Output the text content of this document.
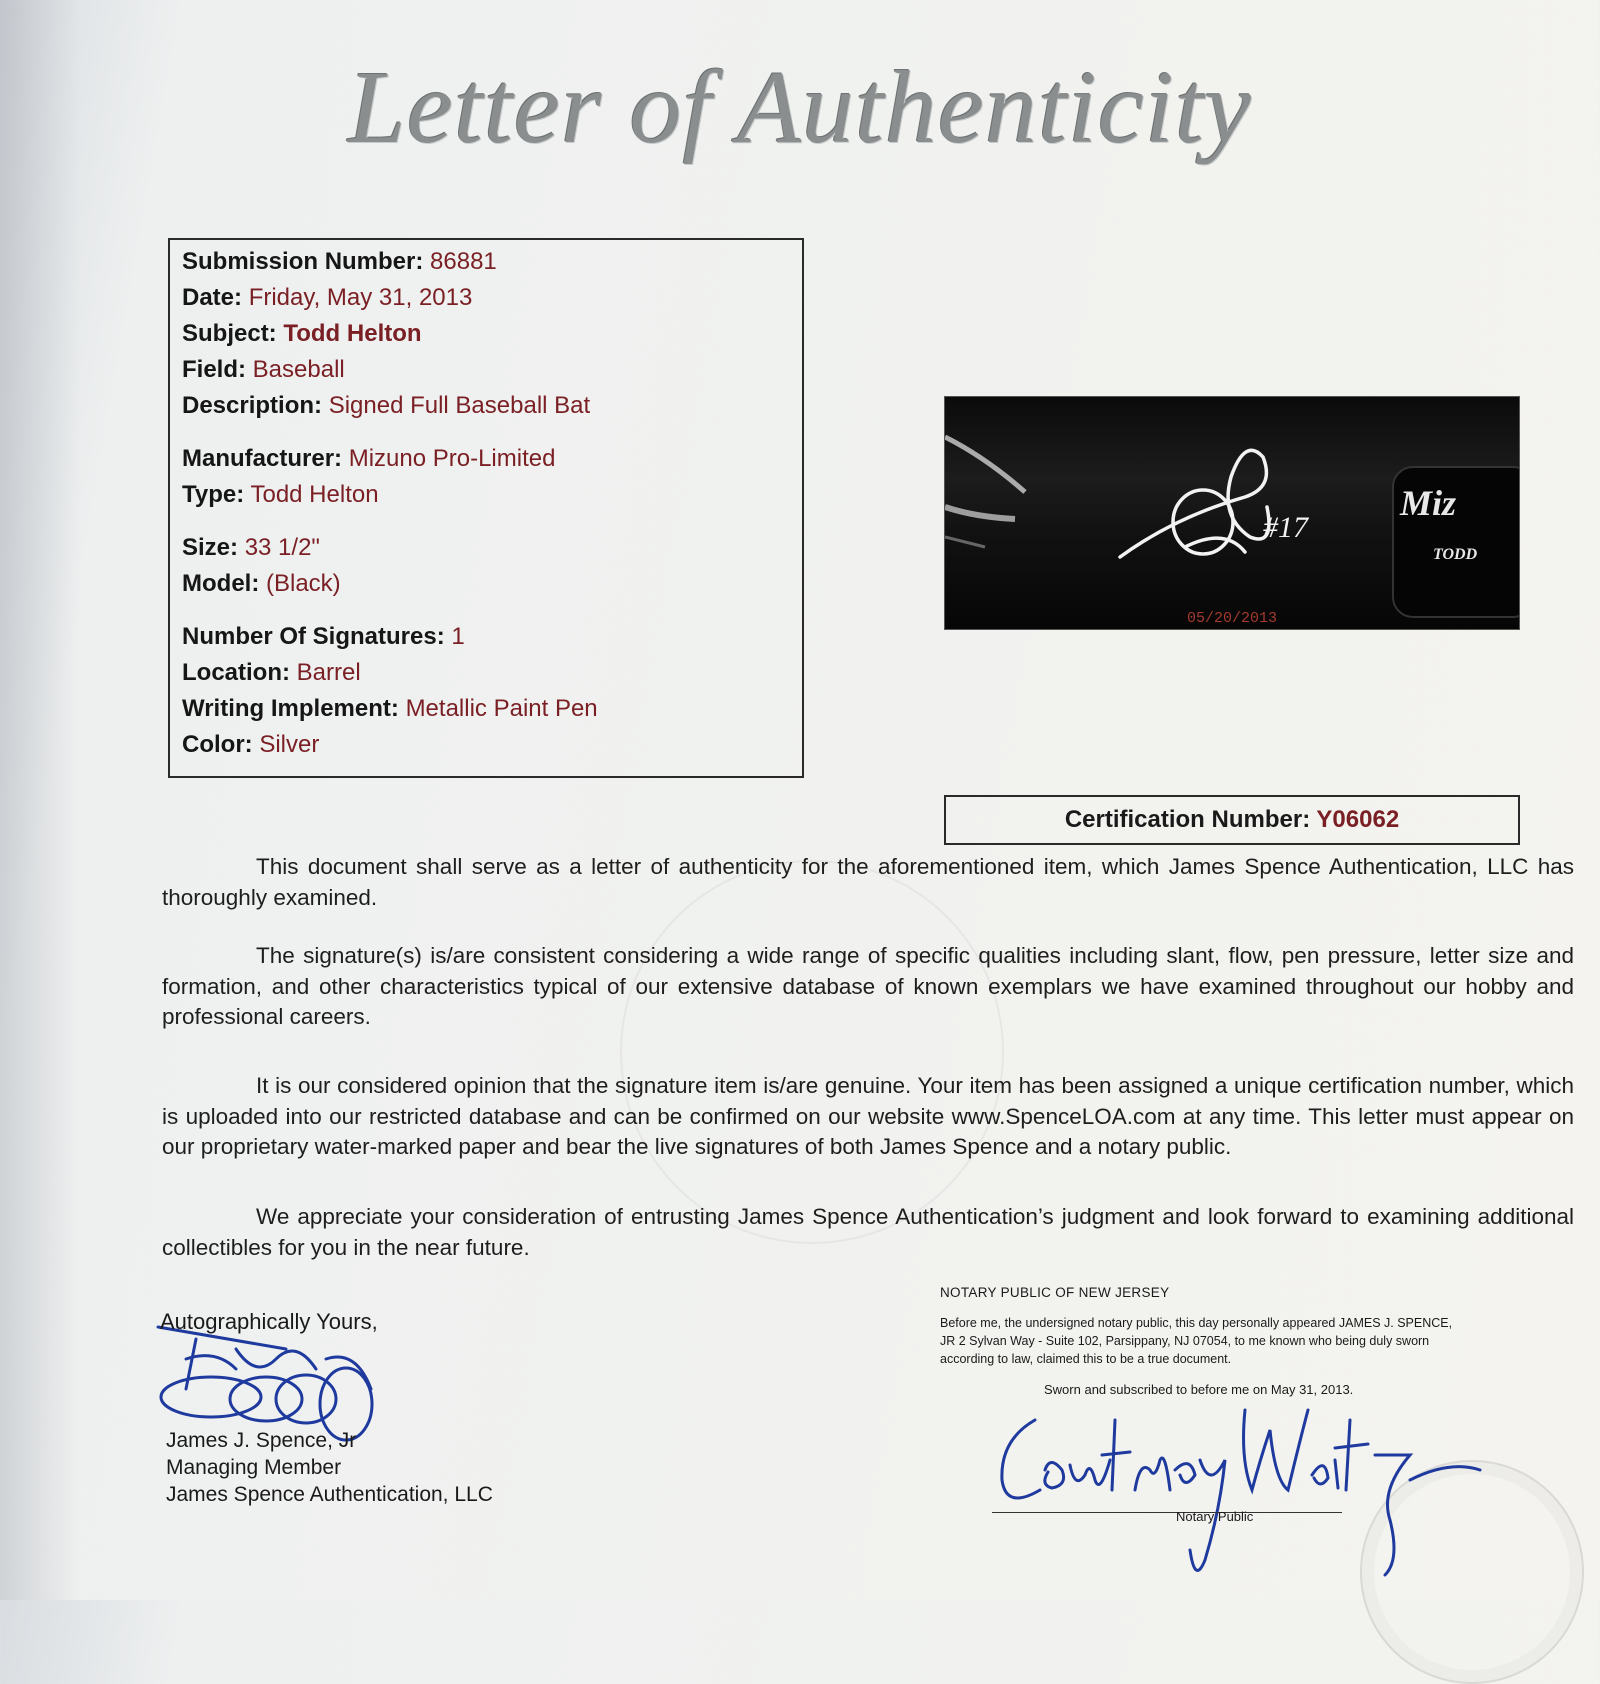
Letter of Authenticity
Submission Number: 86881
Date: Friday, May 31, 2013
Subject: Todd Helton
Field: Baseball
Description: Signed Full Baseball Bat
Manufacturer: Mizuno Pro-Limited
Type: Todd Helton
Size: 33 1/2"
Model: (Black)
Number Of Signatures: 1
Location: Barrel
Writing Implement: Metallic Paint Pen
Color: Silver
#17
Miz
TODD
05/20/2013
Certification Number: Y06062

This document shall serve as a letter of authenticity for the aforementioned item, which James Spence Authentication, LLC has thoroughly examined.

The signature(s) is/are consistent considering a wide range of specific qualities including slant, flow, pen pressure, letter size and formation, and other characteristics typical of our extensive database of known exemplars we have examined throughout our hobby and professional careers.

It is our considered opinion that the signature item is/are genuine. Your item has been assigned a unique certification number, which is uploaded into our restricted database and can be confirmed on our website www.SpenceLOA.com at any time. This letter must appear on our proprietary water-marked paper and bear the live signatures of both James Spence and a notary public.

We appreciate your consideration of entrusting James Spence Authentication’s judgment and look forward to examining additional collectibles for you in the near future.

Autographically Yours,
James J. Spence, Jr
Managing Member
James Spence Authentication, LLC
NOTARY PUBLIC OF NEW JERSEY
Before me, the undersigned notary public, this day personally appeared JAMES J. SPENCE, JR 2 Sylvan Way - Suite 102, Parsippany, NJ 07054, to me known who being duly sworn according to law, claimed this to be a true document.
Sworn and subscribed to before me on May 31, 2013.
Notary Public
